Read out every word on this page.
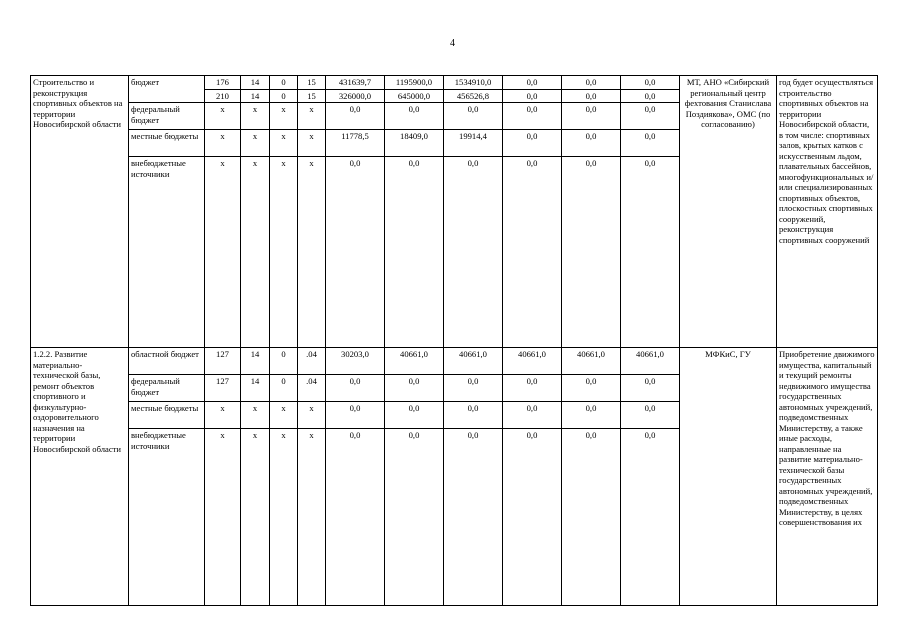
4
Строительство и реконструкция спортивных объектов на территории Новосибирской области	бюджет	176	14	0	15	431639,7	1195900,0	1534910,0	0,0	0,0	0,0	МТ, АНО «Сибирский региональный центр фехтования Станислава Поздиякова», ОМС (по согласованию)	год будет осуществляться строительство спортивных объектов на территории Новосибирской области, в том числе: спортивных залов, крытых катков с искусственным льдом, плавательных бассейнов, многофункциональных и/или специализированных спортивных объектов, плоскостных спортивных сооружений, реконструкция спортивных сооружений
		210	14	0	15	326000,0	645000,0	456526,8	0,0	0,0	0,0		
	федеральный бюджет	x	x	x	x	0,0	0,0	0,0	0,0	0,0	0,0		
	местные бюджеты	x	x	x	x	11778,5	18409,0	19914,4	0,0	0,0	0,0		
	внебюджетные источники	x	x	x	x	0,0	0,0	0,0	0,0	0,0	0,0		
1.2.2. Развитие материально-технической базы, ремонт объектов спортивного и физкультурно-оздоровительного назначения на территории Новосибирской области	областной бюджет	127	14	0	.04	30203,0	40661,0	40661,0	40661,0	40661,0	40661,0	МФКиС, ГУ	Приобретение движимого имущества, капитальный и текущий ремонты недвижимого имущества государственных автономных учреждений, подведомственных Министерству, а также иные расходы, направленные на развитие материально-технической базы государственных автономных учреждений, подведомственных Министерству, в целях совершенствования их
	федеральный бюджет	127	14	0	.04	0,0	0,0	0,0	0,0	0,0	0,0		
	местные бюджеты	x	x	x	x	0,0	0,0	0,0	0,0	0,0	0,0		
	внебюджетные источники	x	x	x	x	0,0	0,0	0,0	0,0	0,0	0,0		
